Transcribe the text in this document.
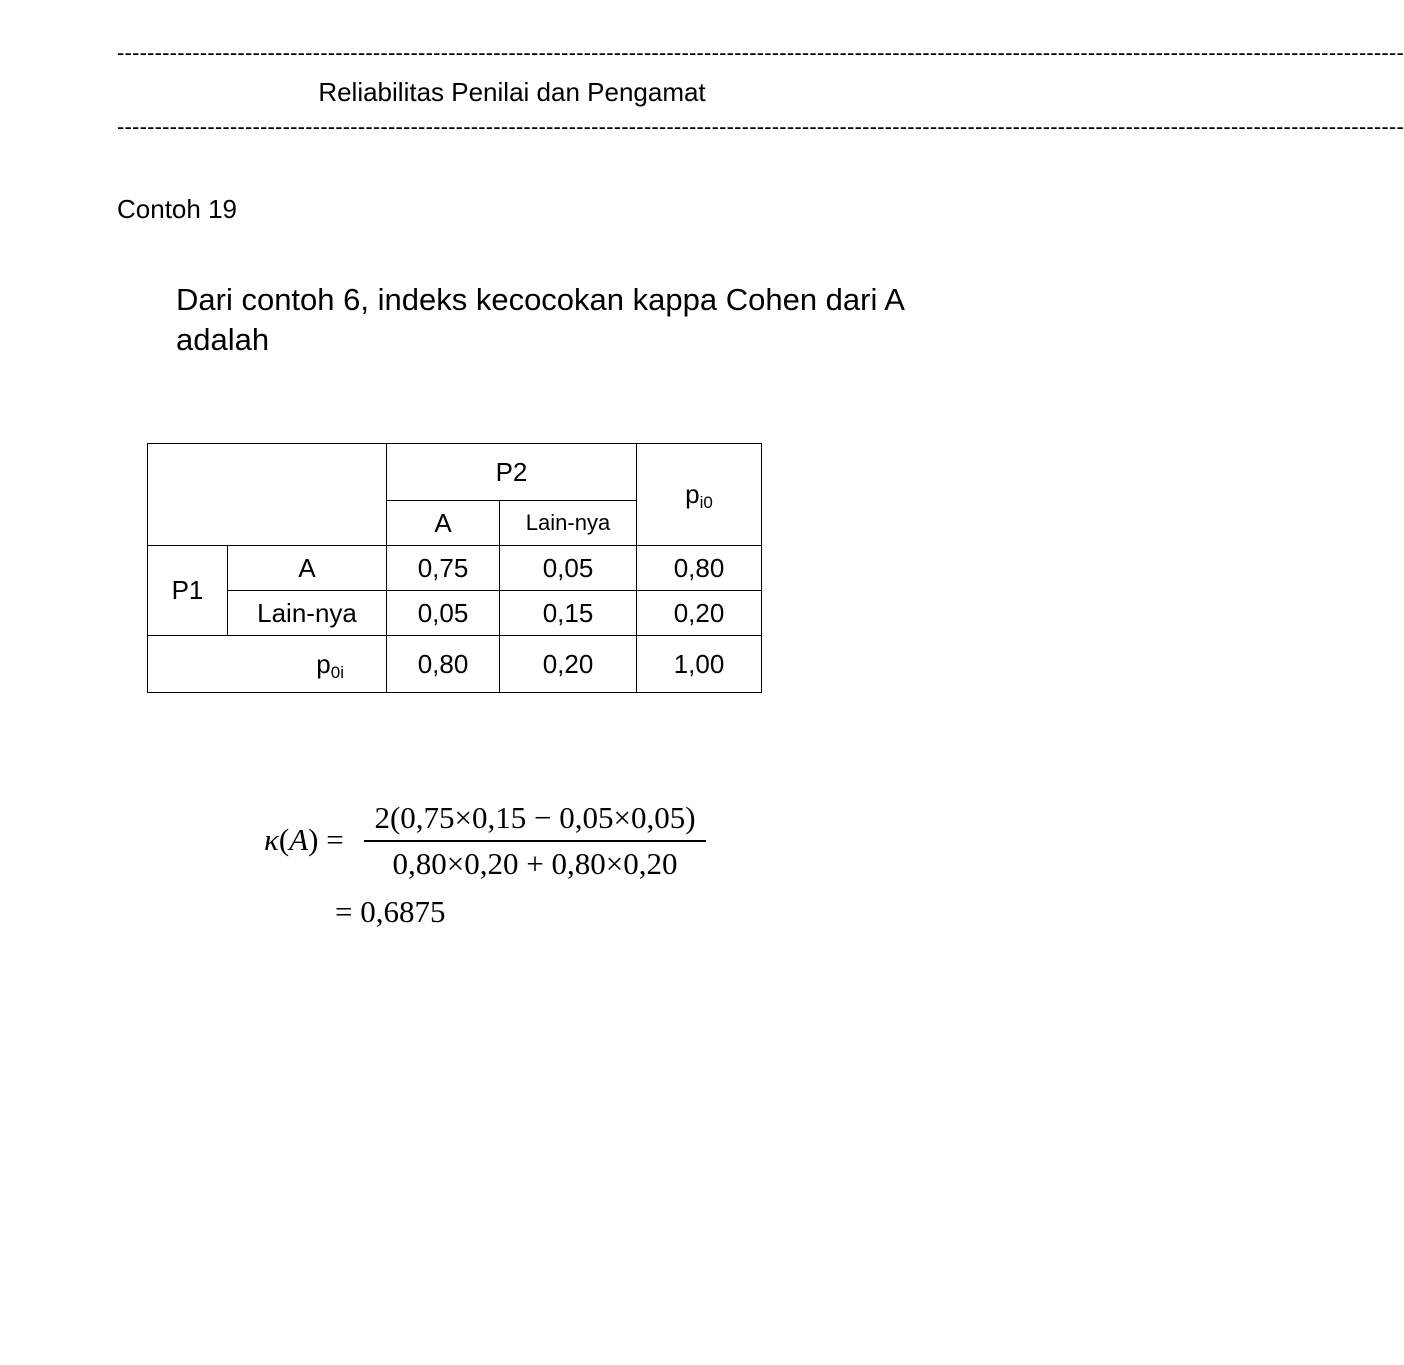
---------------------------------------------------------------------------------------------------------------------------------------------------------------------------
Reliabilitas Penilai dan Pengamat
---------------------------------------------------------------------------------------------------------------------------------------------------------------------------
Contoh 19
Dari contoh 6, indeks kecocokan kappa Cohen dari A adalah
		P2		$p_{i0}$
		A	Lain-nya	
P1	A	0,75	0,05	0,80
	Lain-nya	0,05	0,15	0,20
$p_{0i}$		0,80	0,20	1,00
κ(A) =
2(0,75×0,15 − 0,05×0,05)
0,80×0,20 + 0,80×0,20
= 0,6875
